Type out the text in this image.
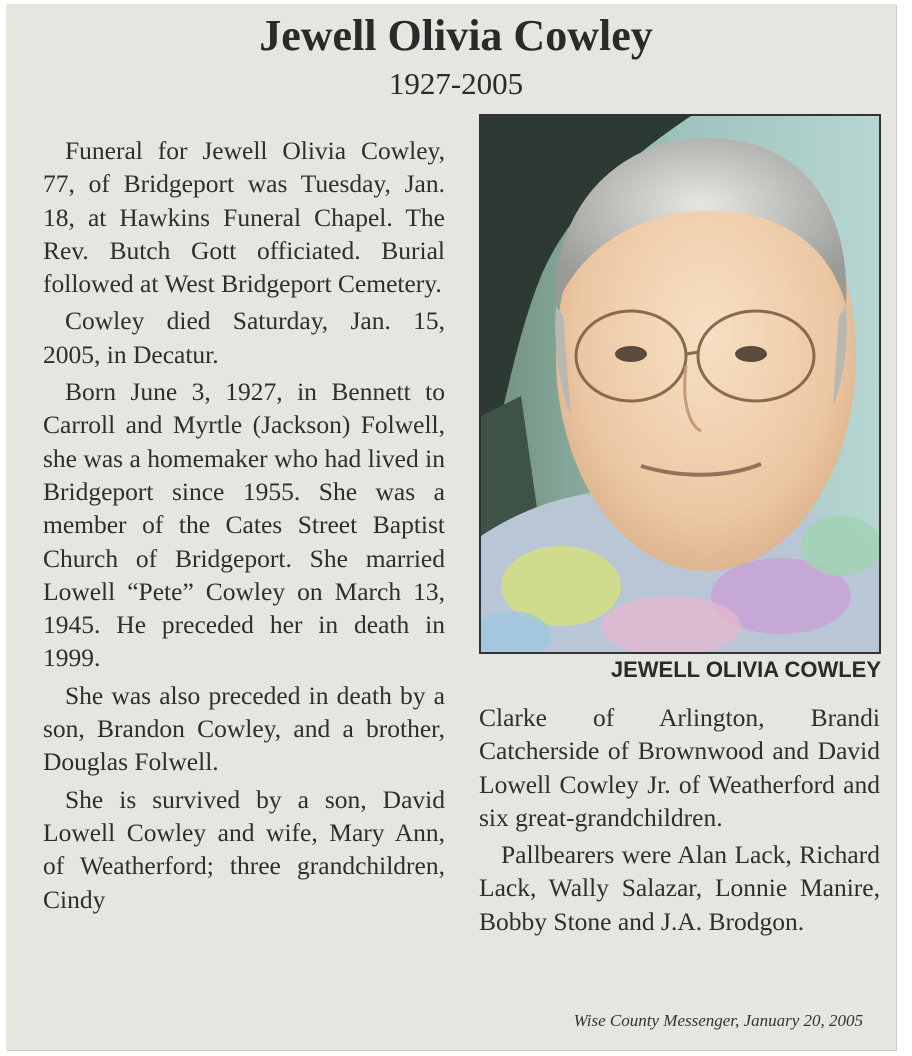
Jewell Olivia Cowley
1927-2005

Funeral for Jewell Olivia Cowley, 77, of Bridgeport was Tuesday, Jan. 18, at Hawkins Funeral Chapel. The Rev. Butch Gott officiated. Burial followed at West Bridgeport Cemetery.

Cowley died Saturday, Jan. 15, 2005, in Decatur.

Born June 3, 1927, in Bennett to Carroll and Myrtle (Jackson) Folwell, she was a homemaker who had lived in Bridgeport since 1955. She was a member of the Cates Street Baptist Church of Bridgeport. She married Lowell “Pete” Cowley on March 13, 1945. He preceded her in death in 1999.

She was also preceded in death by a son, Brandon Cowley, and a brother, Douglas Folwell.

She is survived by a son, David Lowell Cowley and wife, Mary Ann, of Weatherford; three grandchildren, Cindy

JEWELL OLIVIA COWLEY

Clarke of Arlington, Brandi Catcherside of Brownwood and David Lowell Cowley Jr. of Weatherford and six great-grandchildren.

Pallbearers were Alan Lack, Richard Lack, Wally Salazar, Lonnie Manire, Bobby Stone and J.A. Brodgon.

Wise County Messenger, January 20, 2005
